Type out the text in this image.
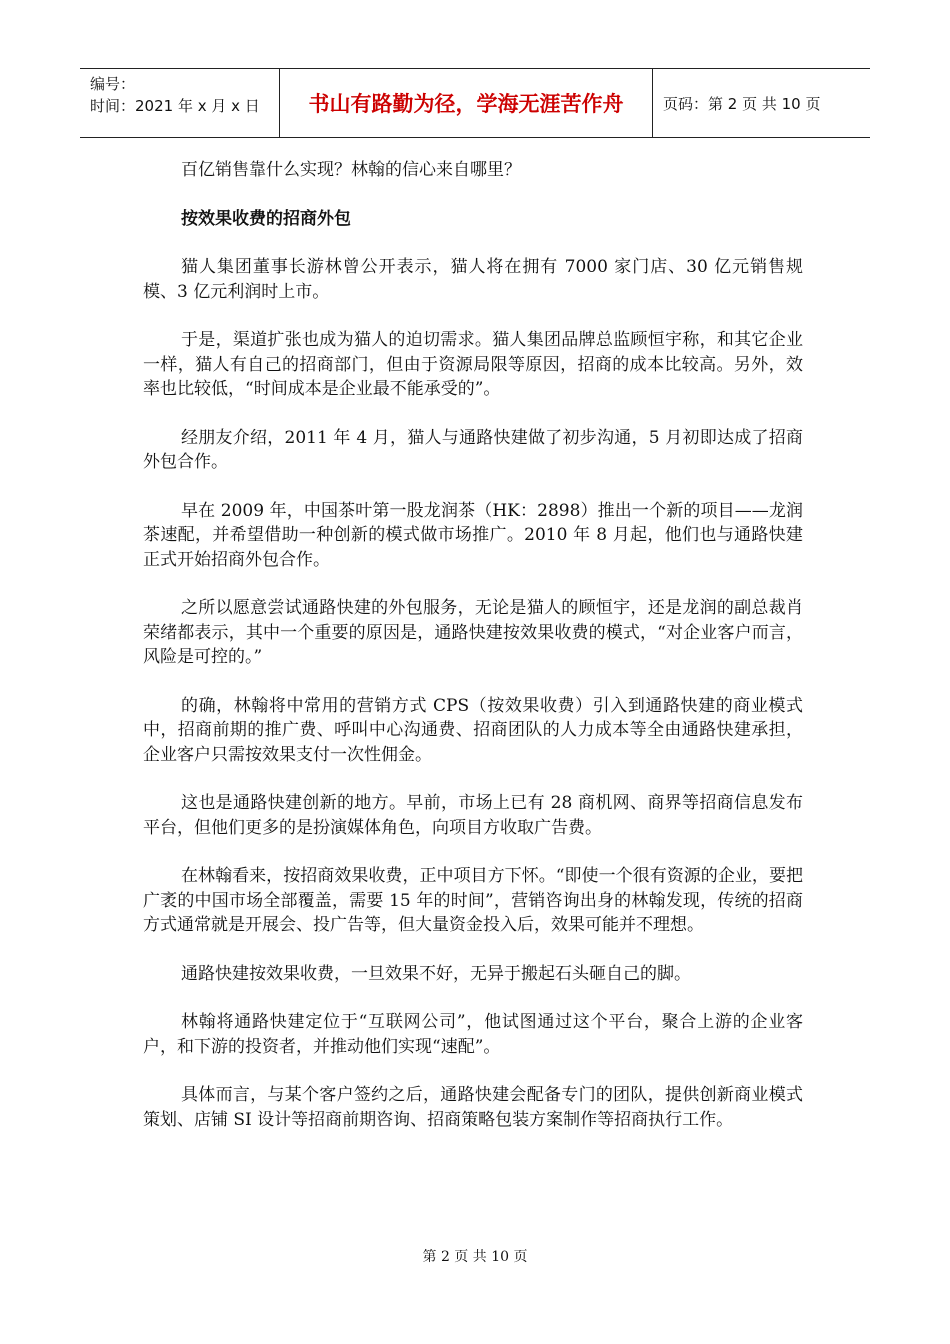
编号：
时间：2021 年 x 月 x 日	书山有路勤为径，学海无涯苦作舟	页码：第 2 页 共 10 页

百亿销售靠什么实现？林翰的信心来自哪里？

按效果收费的招商外包

猫人集团董事长游林曾公开表示，猫人将在拥有 7000 家门店、30 亿元销售规模、3 亿元利润时上市。

于是，渠道扩张也成为猫人的迫切需求。猫人集团品牌总监顾恒宇称，和其它企业一样，猫人有自己的招商部门，但由于资源局限等原因，招商的成本比较高。另外，效率也比较低，“时间成本是企业最不能承受的”。

经朋友介绍，2011 年 4 月，猫人与通路快建做了初步沟通，5 月初即达成了招商外包合作。

早在 2009 年，中国茶叶第一股龙润茶（HK：2898）推出一个新的项目——龙润茶速配，并希望借助一种创新的模式做市场推广。2010 年 8 月起，他们也与通路快建正式开始招商外包合作。

之所以愿意尝试通路快建的外包服务，无论是猫人的顾恒宇，还是龙润的副总裁肖荣绪都表示，其中一个重要的原因是，通路快建按效果收费的模式，“对企业客户而言，风险是可控的。”

的确，林翰将中常用的营销方式 CPS（按效果收费）引入到通路快建的商业模式中，招商前期的推广费、呼叫中心沟通费、招商团队的人力成本等全由通路快建承担，企业客户只需按效果支付一次性佣金。

这也是通路快建创新的地方。早前，市场上已有 28 商机网、商界等招商信息发布平台，但他们更多的是扮演媒体角色，向项目方收取广告费。

在林翰看来，按招商效果收费，正中项目方下怀。“即使一个很有资源的企业，要把广袤的中国市场全部覆盖，需要 15 年的时间”，营销咨询出身的林翰发现，传统的招商方式通常就是开展会、投广告等，但大量资金投入后，效果可能并不理想。

通路快建按效果收费，一旦效果不好，无异于搬起石头砸自己的脚。

林翰将通路快建定位于“互联网公司”，他试图通过这个平台，聚合上游的企业客户，和下游的投资者，并推动他们实现“速配”。

具体而言，与某个客户签约之后，通路快建会配备专门的团队，提供创新商业模式策划、店铺 SI 设计等招商前期咨询、招商策略包装方案制作等招商执行工作。

第 2 页 共 10 页
